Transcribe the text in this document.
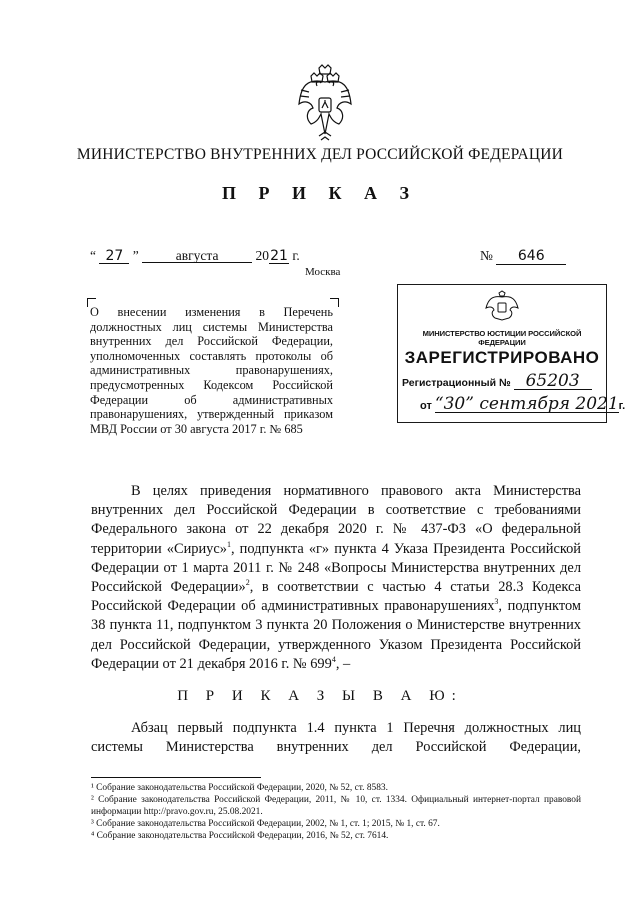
МИНИСТЕРСТВО ВНУТРЕННИХ ДЕЛ РОССИЙСКОЙ ФЕДЕРАЦИИ
П Р И К А З
“ 27 ”	августа	2021 г.	№ 646
Москва

О внесении изменения в Перечень должностных лиц системы Министерства внутренних дел Российской Федерации, уполномоченных составлять протоколы об административных правонарушениях, предусмотренных Кодексом Российской Федерации об административных правонарушениях, утвержденный приказом МВД России от 30 августа 2017 г. № 685

МИНИСТЕРСТВО ЮСТИЦИИ РОССИЙСКОЙ ФЕДЕРАЦИИ
ЗАРЕГИСТРИРОВАНО
Регистрационный № 65203
от “30” сентября 2021г.

В целях приведения нормативного правового акта Министерства внутренних дел Российской Федерации в соответствие с требованиями Федерального закона от 22 декабря 2020 г. № 437-ФЗ «О федеральной территории «Сириус»$^1$, подпункта «г» пункта 4 Указа Президента Российской Федерации от 1 марта 2011 г. № 248 «Вопросы Министерства внутренних дел Российской Федерации»$^2$, в соответствии с частью 4 статьи 28.3 Кодекса Российской Федерации об административных правонарушениях$^3$, подпунктом 38 пункта 11, подпунктом 3 пункта 20 Положения о Министерстве внутренних дел Российской Федерации, утвержденного Указом Президента Российской Федерации от 21 декабря 2016 г. № $699^4$, –

П Р И К А З Ы В А Ю:

Абзац первый подпункта 1.4 пункта 1 Перечня должностных лиц

системы Министерства внутренних дел Российской Федерации,

¹ Собрание законодательства Российской Федерации, 2020, № 52, ст. 8583.

² Собрание законодательства Российской Федерации, 2011, № 10, ст. 1334. Официальный интернет-портал правовой информации http://pravo.gov.ru, 25.08.2021.

³ Собрание законодательства Российской Федерации, 2002, № 1, ст. 1; 2015, № 1, ст. 67.

⁴ Собрание законодательства Российской Федерации, 2016, № 52, ст. 7614.
